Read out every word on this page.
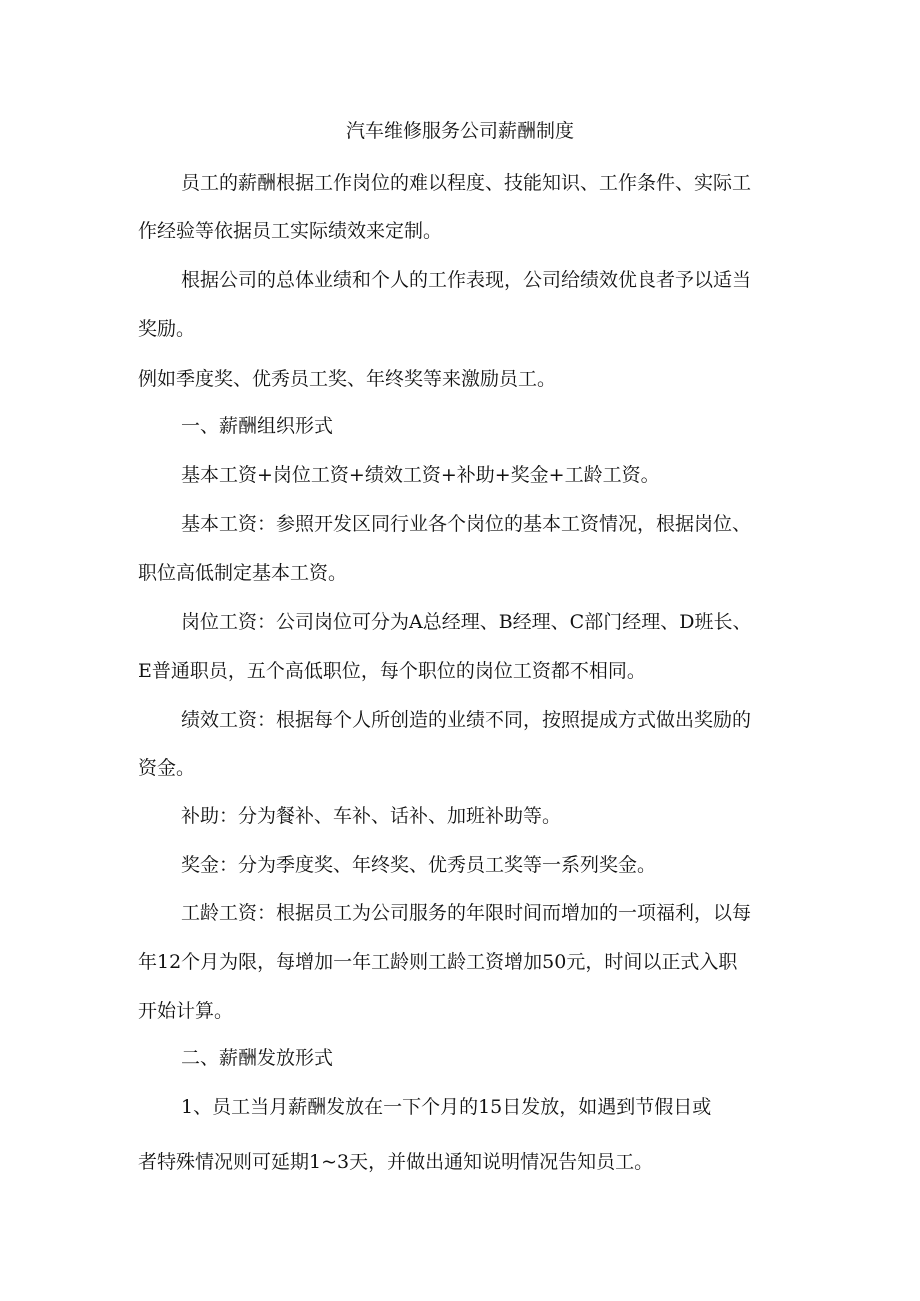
汽车维修服务公司薪酬制度
员工的薪酬根据工作岗位的难以程度、技能知识、工作条件、实际工
作经验等依据员工实际绩效来定制。
根据公司的总体业绩和个人的工作表现，公司给绩效优良者予以适当
奖励。
例如季度奖、优秀员工奖、年终奖等来激励员工。
一、薪酬组织形式
基本工资+岗位工资+绩效工资+补助+奖金+工龄工资。
基本工资：参照开发区同行业各个岗位的基本工资情况，根据岗位、
职位高低制定基本工资。
岗位工资：公司岗位可分为A总经理、B经理、C部门经理、D班长、
E普通职员，五个高低职位，每个职位的岗位工资都不相同。
绩效工资：根据每个人所创造的业绩不同，按照提成方式做出奖励的
资金。
补助：分为餐补、车补、话补、加班补助等。
奖金：分为季度奖、年终奖、优秀员工奖等一系列奖金。
工龄工资：根据员工为公司服务的年限时间而增加的一项福利，以每
年12个月为限，每增加一年工龄则工龄工资增加50元，时间以正式入职
开始计算。
二、薪酬发放形式
1、员工当月薪酬发放在一下个月的15日发放，如遇到节假日或
者特殊情况则可延期1~3天，并做出通知说明情况告知员工。
